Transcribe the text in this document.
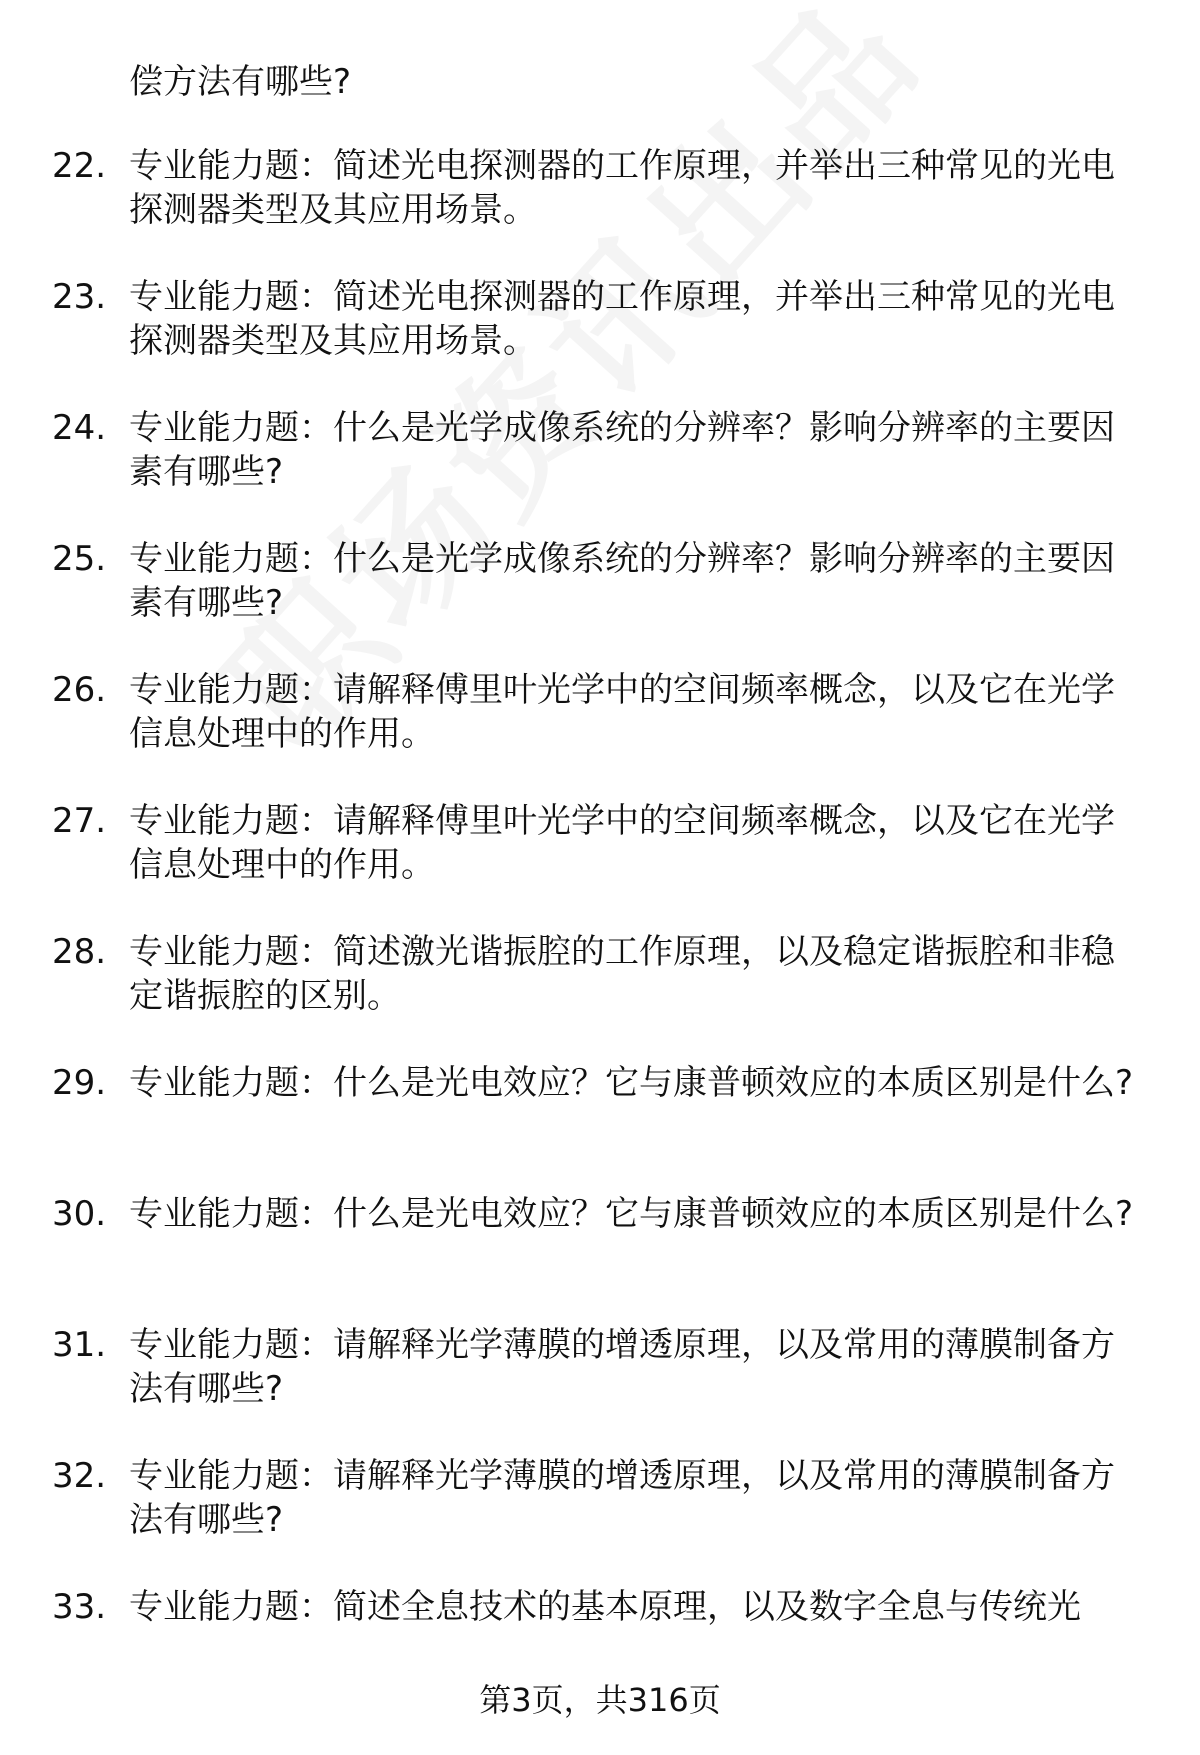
偿方法有哪些?

22. 专业能力题：简述光电探测器的工作原理，并举出三种常见的光电探测器类型及其应用场景。

23. 专业能力题：简述光电探测器的工作原理，并举出三种常见的光电探测器类型及其应用场景。

24. 专业能力题：什么是光学成像系统的分辨率？影响分辨率的主要因素有哪些?

25. 专业能力题：什么是光学成像系统的分辨率？影响分辨率的主要因素有哪些?

26. 专业能力题：请解释傅里叶光学中的空间频率概念，以及它在光学信息处理中的作用。

27. 专业能力题：请解释傅里叶光学中的空间频率概念，以及它在光学信息处理中的作用。

28. 专业能力题：简述激光谐振腔的工作原理，以及稳定谐振腔和非稳定谐振腔的区别。

29. 专业能力题：什么是光电效应？它与康普顿效应的本质区别是什么?

30. 专业能力题：什么是光电效应？它与康普顿效应的本质区别是什么?

31. 专业能力题：请解释光学薄膜的增透原理，以及常用的薄膜制备方法有哪些?

32. 专业能力题：请解释光学薄膜的增透原理，以及常用的薄膜制备方法有哪些?

33. 专业能力题：简述全息技术的基本原理，以及数字全息与传统光

第3页，共316页
